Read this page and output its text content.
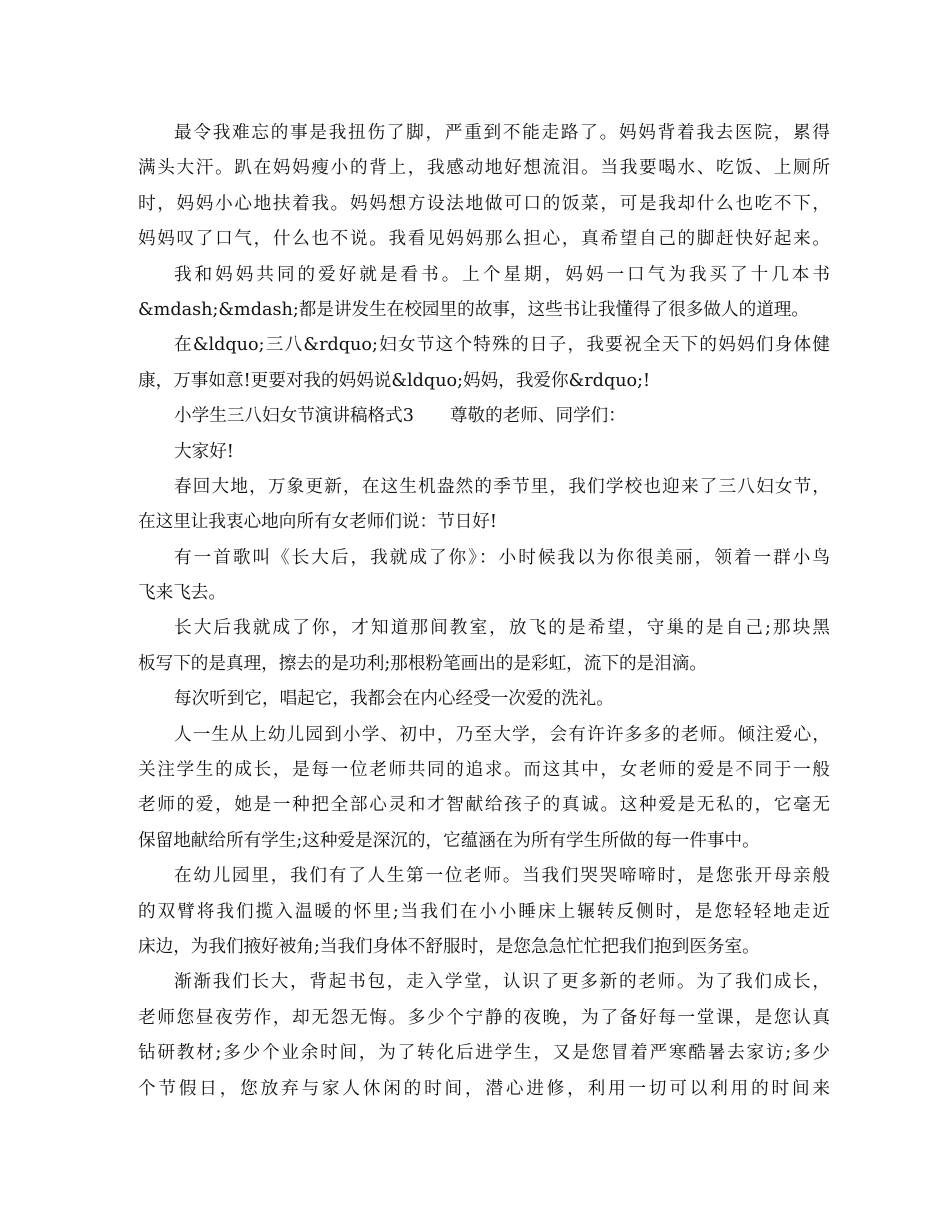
最令我难忘的事是我扭伤了脚，严重到不能走路了。妈妈背着我去医院，累得
满头大汗。趴在妈妈瘦小的背上，我感动地好想流泪。当我要喝水、吃饭、上厕所
时，妈妈小心地扶着我。妈妈想方设法地做可口的饭菜，可是我却什么也吃不下，
妈妈叹了口气，什么也不说。我看见妈妈那么担心，真希望自己的脚赶快好起来。
我和妈妈共同的爱好就是看书。上个星期，妈妈一口气为我买了十几本书
&mdash;&mdash;都是讲发生在校园里的故事，这些书让我懂得了很多做人的道理。
在&ldquo;三八&rdquo;妇女节这个特殊的日子，我要祝全天下的妈妈们身体健
康，万事如意!更要对我的妈妈说&ldquo;妈妈，我爱你&rdquo;!
小学生三八妇女节演讲稿格式3 尊敬的老师、同学们：
大家好!
春回大地，万象更新，在这生机盎然的季节里，我们学校也迎来了三八妇女节，
在这里让我衷心地向所有女老师们说：节日好!
有一首歌叫《长大后，我就成了你》：小时候我以为你很美丽，领着一群小鸟
飞来飞去。
长大后我就成了你，才知道那间教室，放飞的是希望，守巢的是自己;那块黑
板写下的是真理，擦去的是功利;那根粉笔画出的是彩虹，流下的是泪滴。
每次听到它，唱起它，我都会在内心经受一次爱的洗礼。
人一生从上幼儿园到小学、初中，乃至大学，会有许许多多的老师。倾注爱心，
关注学生的成长，是每一位老师共同的追求。而这其中，女老师的爱是不同于一般
老师的爱，她是一种把全部心灵和才智献给孩子的真诚。这种爱是无私的，它毫无
保留地献给所有学生;这种爱是深沉的，它蕴涵在为所有学生所做的每一件事中。
在幼儿园里，我们有了人生第一位老师。当我们哭哭啼啼时，是您张开母亲般
的双臂将我们揽入温暖的怀里;当我们在小小睡床上辗转反侧时，是您轻轻地走近
床边，为我们掖好被角;当我们身体不舒服时，是您急急忙忙把我们抱到医务室。
渐渐我们长大，背起书包，走入学堂，认识了更多新的老师。为了我们成长，
老师您昼夜劳作，却无怨无悔。多少个宁静的夜晚，为了备好每一堂课，是您认真
钻研教材;多少个业余时间，为了转化后进学生，又是您冒着严寒酷暑去家访;多少
个节假日，您放弃与家人休闲的时间，潜心进修，利用一切可以利用的时间来
